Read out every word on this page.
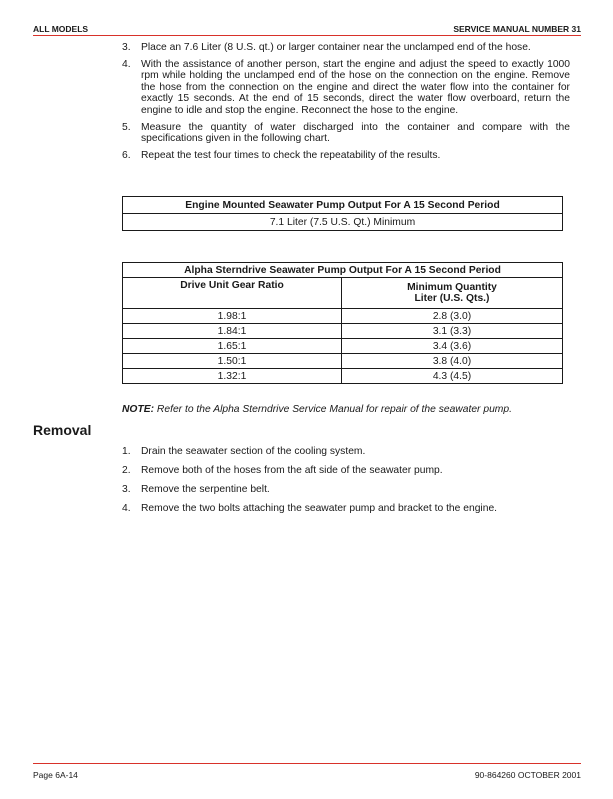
ALL MODELS	SERVICE MANUAL NUMBER 31
3. Place an 7.6 Liter (8 U.S. qt.) or larger container near the unclamped end of the hose.
4. With the assistance of another person, start the engine and adjust the speed to exactly 1000 rpm while holding the unclamped end of the hose on the connection on the engine. Remove the hose from the connection on the engine and direct the water flow into the container for exactly 15 seconds. At the end of 15 seconds, direct the water flow overboard, return the engine to idle and stop the engine. Reconnect the hose to the engine.
5. Measure the quantity of water discharged into the container and compare with the specifications given in the following chart.
6. Repeat the test four times to check the repeatability of the results.
Engine Mounted Seawater Pump Output For A 15 Second Period
7.1 Liter (7.5 U.S. Qt.) Minimum
Alpha Sterndrive Seawater Pump Output For A 15 Second Period	
Drive Unit Gear Ratio	Minimum Quantity
Liter (U.S. Qts.)

1.98:1	2.8 (3.0)
1.84:1	3.1 (3.3)
1.65:1	3.4 (3.6)
1.50:1	3.8 (4.0)
1.32:1	4.3 (4.5)
NOTE: Refer to the Alpha Sterndrive Service Manual for repair of the seawater pump.
Removal
1. Drain the seawater section of the cooling system.
2. Remove both of the hoses from the aft side of the seawater pump.
3. Remove the serpentine belt.
4. Remove the two bolts attaching the seawater pump and bracket to the engine.
Page 6A-14	90-864260 OCTOBER 2001
